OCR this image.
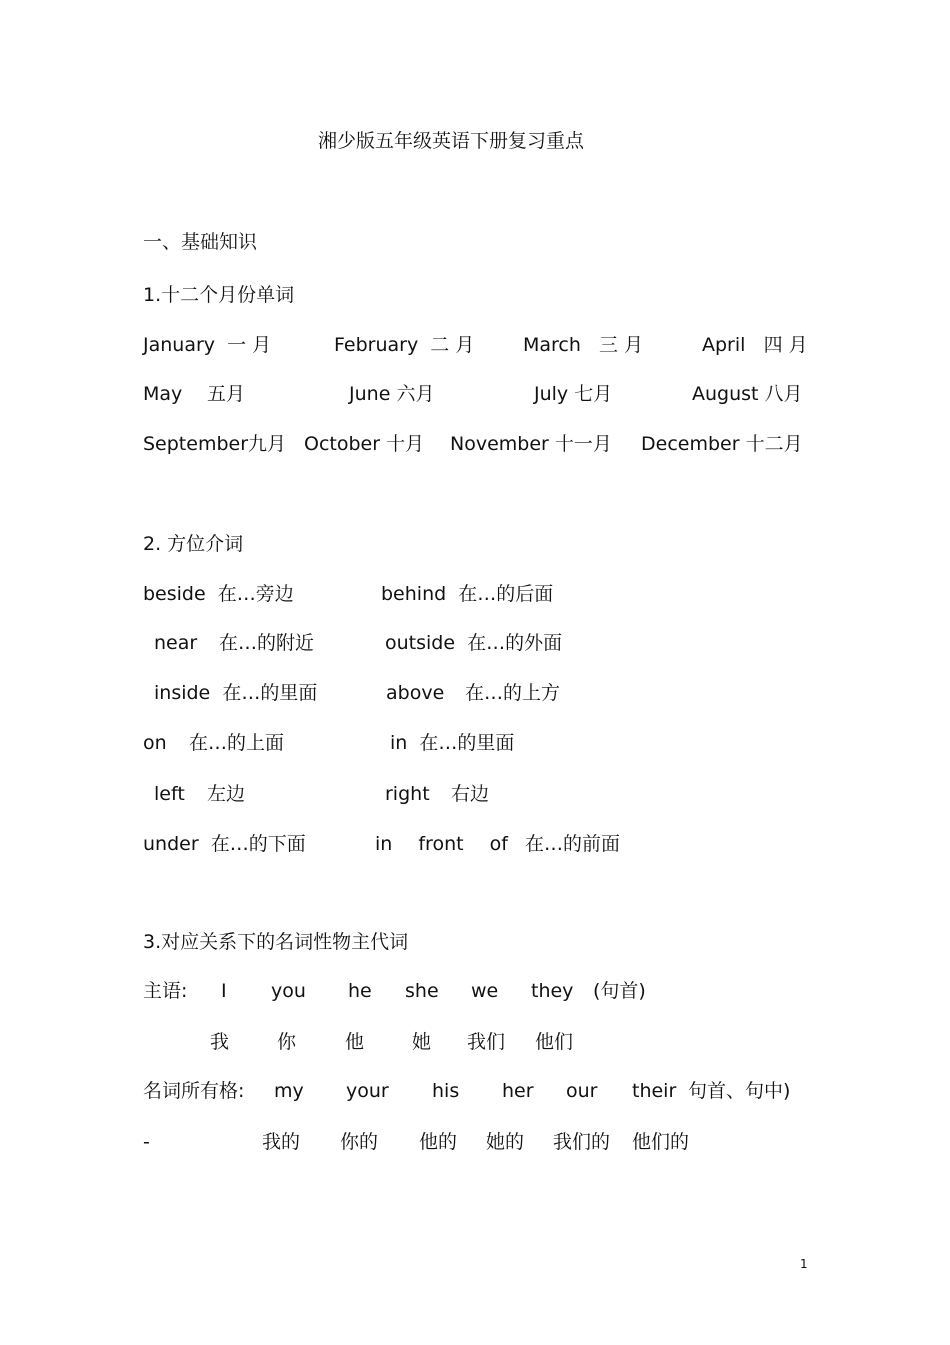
湘少版五年级英语下册复习重点
一、基础知识
1.十二个月份单词
January 一 月	February 二 月	March 三 月	April 四 月
May 五月	June 六月	July 七月	August 八月
September九月 October 十月 November 十一月 December 十二月
2. 方位介词
beside 在…旁边	behind 在…的后面
near 在…的附近	outside 在…的外面
inside 在…的里面	above 在…的上方
on 在…的上面	in 在…的里面
left 左边	right 右边
under 在…的下面	in front of 在…的前面
3.对应关系下的名词性物主代词
主语: I you he she we they (句首)
我	你	他	她 我们 他们
名词所有格: my your his her our their 句首、句中)
-	我的 你的 他的 她的 我们的 他们的
1
